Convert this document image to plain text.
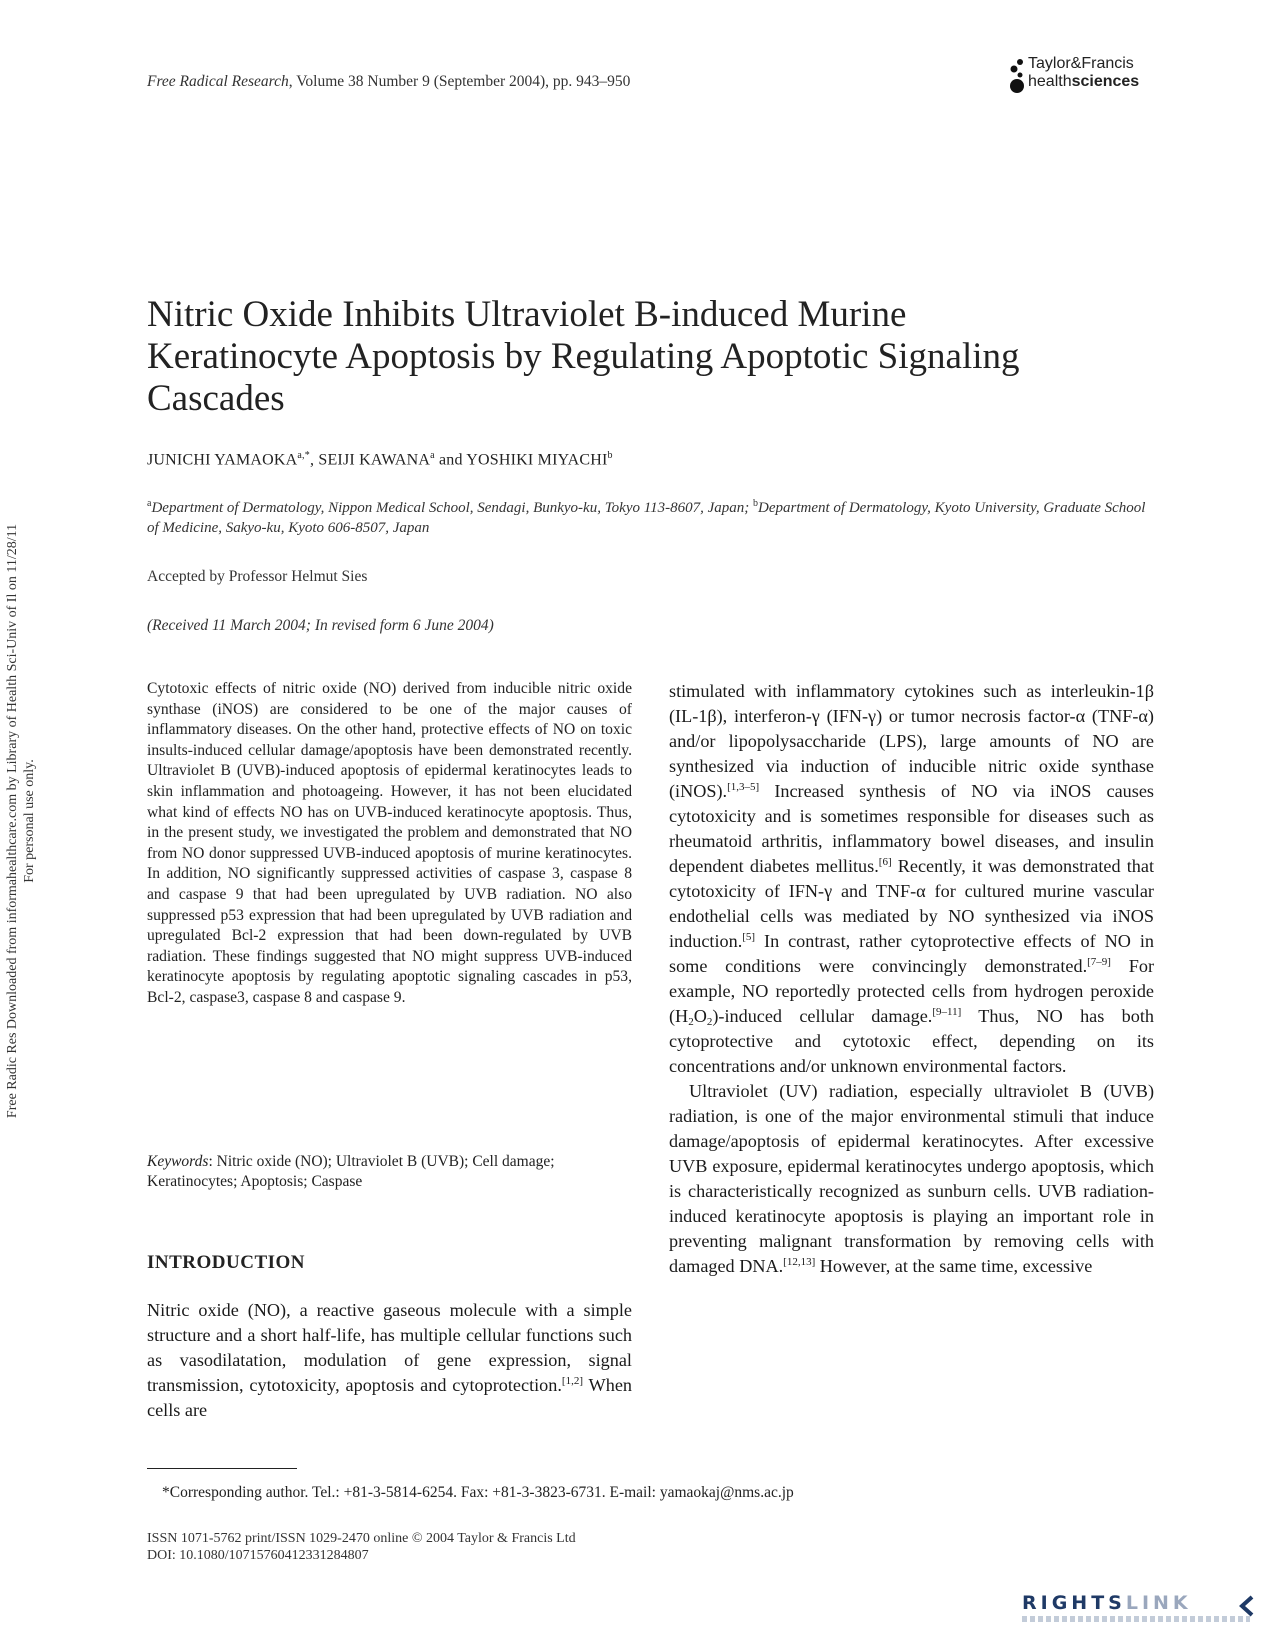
Free Radical Research, Volume 38 Number 9 (September 2004), pp. 943–950
Taylor&Francis
healthsciences
Free Radic Res Downloaded from informahealthcare.com by Library of Health Sci-Univ of Il on 11/28/11 For personal use only.
Nitric Oxide Inhibits Ultraviolet B-induced Murine Keratinocyte Apoptosis by Regulating Apoptotic Signaling Cascades
JUNICHI $YAMAOKA^{a,*}$, SEIJI KAWANA$^a$ and YOSHIKI MIYACHI$^b$
$^a$Department of Dermatology, Nippon Medical School, Sendagi, Bunkyo-ku, Tokyo 113-8607, Japan; $^b$Department of Dermatology, Kyoto University, Graduate School of Medicine, Sakyo-ku, Kyoto 606-8507, Japan
Accepted by Professor Helmut Sies
(Received 11 March 2004; In revised form 6 June 2004)
Cytotoxic effects of nitric oxide (NO) derived from inducible nitric oxide synthase (iNOS) are considered to be one of the major causes of inflammatory diseases. On the other hand, protective effects of NO on toxic insults-induced cellular damage/apoptosis have been demonstrated recently. Ultraviolet B (UVB)-induced apoptosis of epidermal keratinocytes leads to skin inflammation and photoageing. However, it has not been elucidated what kind of effects NO has on UVB-induced keratinocyte apoptosis. Thus, in the present study, we investigated the problem and demonstrated that NO from NO donor suppressed UVB-induced apoptosis of murine keratinocytes. In addition, NO significantly suppressed activities of caspase 3, caspase 8 and caspase 9 that had been upregulated by UVB radiation. NO also suppressed p53 expression that had been upregulated by UVB radiation and upregulated Bcl-2 expression that had been down-regulated by UVB radiation. These findings suggested that NO might suppress UVB-induced keratinocyte apoptosis by regulating apoptotic signaling cascades in p53, Bcl-2, caspase3, caspase 8 and caspase 9.
Keywords: Nitric oxide (NO); Ultraviolet B (UVB); Cell damage; Keratinocytes; Apoptosis; Caspase
INTRODUCTION
Nitric oxide (NO), a reactive gaseous molecule with a simple structure and a short half-life, has multiple cellular functions such as vasodilatation, modulation of gene expression, signal transmission, cytotoxicity, apoptosis and cytoprotection.[1,2] When cells are

stimulated with inflammatory cytokines such as interleukin-1β (IL-1β), interferon-γ (IFN-γ) or tumor necrosis factor-α (TNF-α) and/or lipopolysaccharide (LPS), large amounts of NO are synthesized via induction of inducible nitric oxide synthase (iNOS).[1,3–5] Increased synthesis of NO via iNOS causes cytotoxicity and is sometimes responsible for diseases such as rheumatoid arthritis, inflammatory bowel diseases, and insulin dependent diabetes mellitus.[6] Recently, it was demonstrated that cytotoxicity of IFN-γ and TNF-α for cultured murine vascular endothelial cells was mediated by NO synthesized via iNOS induction.[5] In contrast, rather cytoprotective effects of NO in some conditions were convincingly demonstrated.[7–9] For example, NO reportedly protected cells from hydrogen peroxide $(H_2O_2)$-induced cellular damage.[9–11] Thus, NO has both cytoprotective and cytotoxic effect, depending on its concentrations and/or unknown environmental factors.

Ultraviolet (UV) radiation, especially ultraviolet B (UVB) radiation, is one of the major environmental stimuli that induce damage/apoptosis of epidermal keratinocytes. After excessive UVB exposure, epidermal keratinocytes undergo apoptosis, which is characteristically recognized as sunburn cells. UVB radiation-induced keratinocyte apoptosis is playing an important role in preventing malignant transformation by removing cells with damaged DNA.[12,13] However, at the same time, excessive

*Corresponding author. Tel.: +81-3-5814-6254. Fax: +81-3-3823-6731. E-mail: yamaokaj@nms.ac.jp
ISSN 1071-5762 print/ISSN 1029-2470 online © 2004 Taylor & Francis Ltd
DOI: 10.1080/10715760412331284807
RIGHTSLINK
